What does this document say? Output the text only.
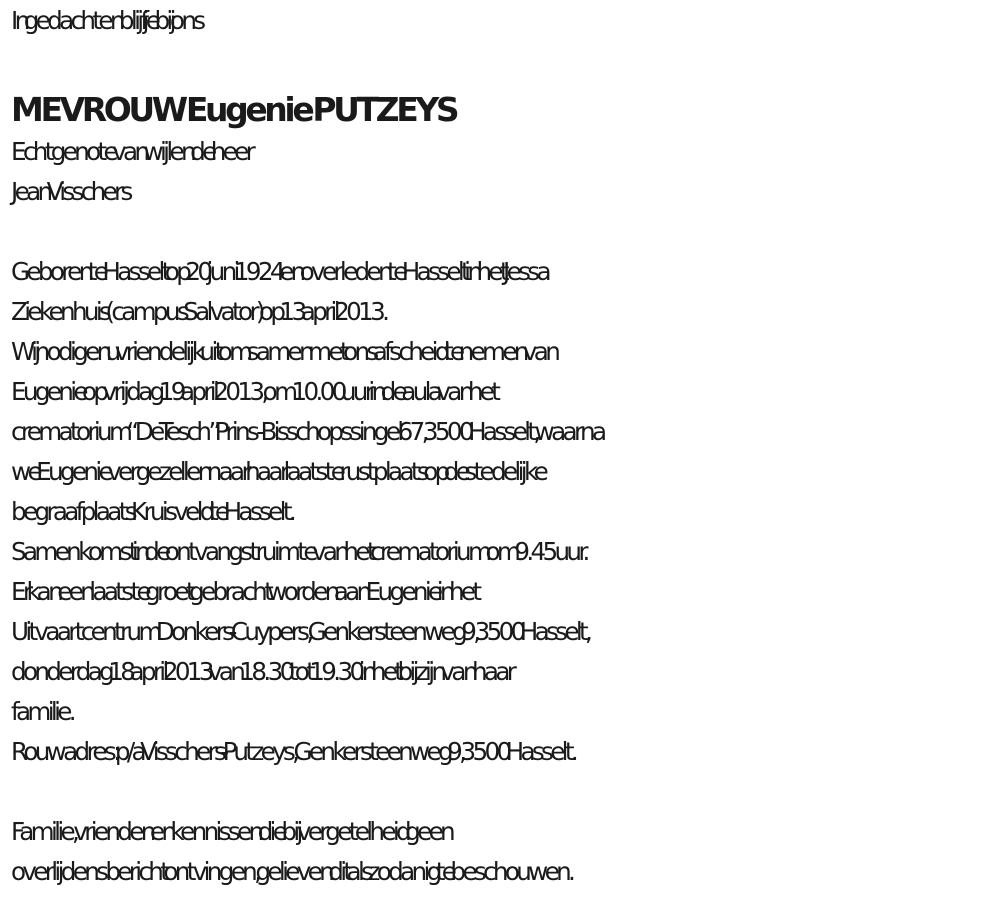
In gedachten blijf je bij ons
MEVROUW Eugenie PUTZEYS
Echtgenote van wijlen de heer
Jean Visschers
Geboren te Hasselt op 20 juni 1924 en overleden te Hasselt in het Jessa
Ziekenhuis (campus Salvator) op 13 april 2013.
Wij nodigen u vriendelijk uit om samen met ons afscheid te nemen van
Eugenie op vrijdag 19 april 2013, om 10.00 uur in de aula van het
crematorium “De Tesch” Prins-Bisschopssingel 67, 3500 Hasselt, waarna
we Eugenie vergezellen naar haar laatste rustplaats op de stedelijke
begraafplaats Kruisveld te Hasselt.
Samenkomst in de ontvangstruimte van het crematorium om 9.45uur.
Er kan een laatste groet gebracht worden aan Eugenie in het
Uitvaartcentrum Donkers - Cuypers, Genkersteenweg 9, 3500 Hasselt,
donderdag 18 april 2013 van 18.30 tot 19.30 in het bijzijn van haar
familie.
Rouwadres: p/a Visschers - Putzeys, Genkersteenweg 9, 3500 Hasselt.
Familie, vrienden en kennissen die bij vergetelheid geen
overlijdensbericht ontvingen, gelieven dit als zodanig te beschouwen.
